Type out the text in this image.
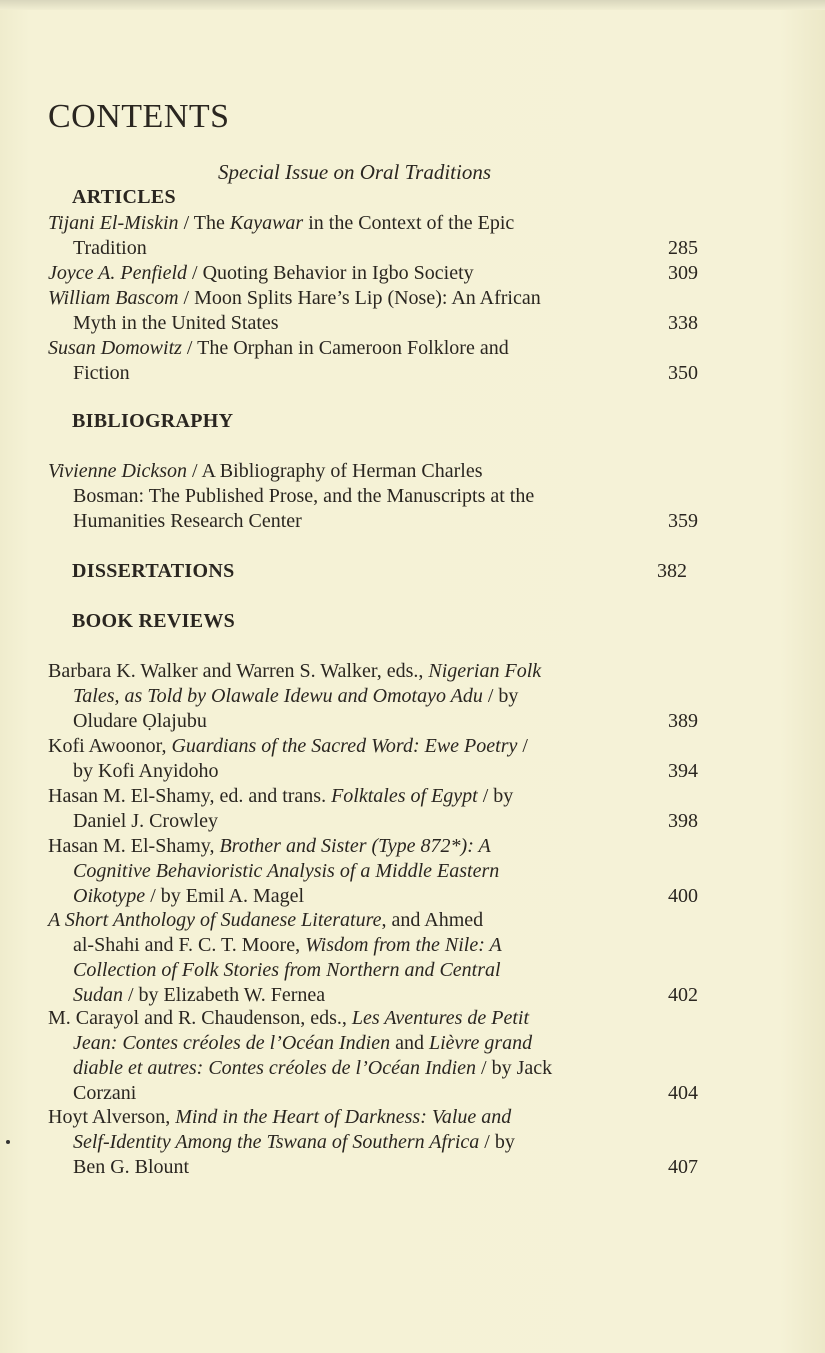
CONTENTS
Special Issue on Oral Traditions
ARTICLES
Tijani El-Miskin / The Kayawar in the Context of the Epic
Tradition	285
Joyce A. Penfield / Quoting Behavior in Igbo Society	309
William Bascom / Moon Splits Hare’s Lip (Nose): An African
Myth in the United States	338
Susan Domowitz / The Orphan in Cameroon Folklore and
Fiction	350
BIBLIOGRAPHY
Vivienne Dickson / A Bibliography of Herman Charles
Bosman: The Published Prose, and the Manuscripts at the
Humanities Research Center	359
DISSERTATIONS	382
BOOK REVIEWS
Barbara K. Walker and Warren S. Walker, eds., Nigerian Folk
Tales, as Told by Olawale Idewu and Omotayo Adu / by
Oludare Ọlajubu	389
Kofi Awoonor, Guardians of the Sacred Word: Ewe Poetry /
by Kofi Anyidoho	394
Hasan M. El-Shamy, ed. and trans. Folktales of Egypt / by
Daniel J. Crowley	398
Hasan M. El-Shamy, Brother and Sister (Type 872*): A
Cognitive Behavioristic Analysis of a Middle Eastern
Oikotype / by Emil A. Magel	400
A Short Anthology of Sudanese Literature, and Ahmed
al-Shahi and F. C. T. Moore, Wisdom from the Nile: A
Collection of Folk Stories from Northern and Central
Sudan / by Elizabeth W. Fernea	402
M. Carayol and R. Chaudenson, eds., Les Aventures de Petit
Jean: Contes créoles de l’Océan Indien and Lièvre grand
diable et autres: Contes créoles de l’Océan Indien / by Jack
Corzani	404
Hoyt Alverson, Mind in the Heart of Darkness: Value and
Self-Identity Among the Tswana of Southern Africa / by
Ben G. Blount	407
